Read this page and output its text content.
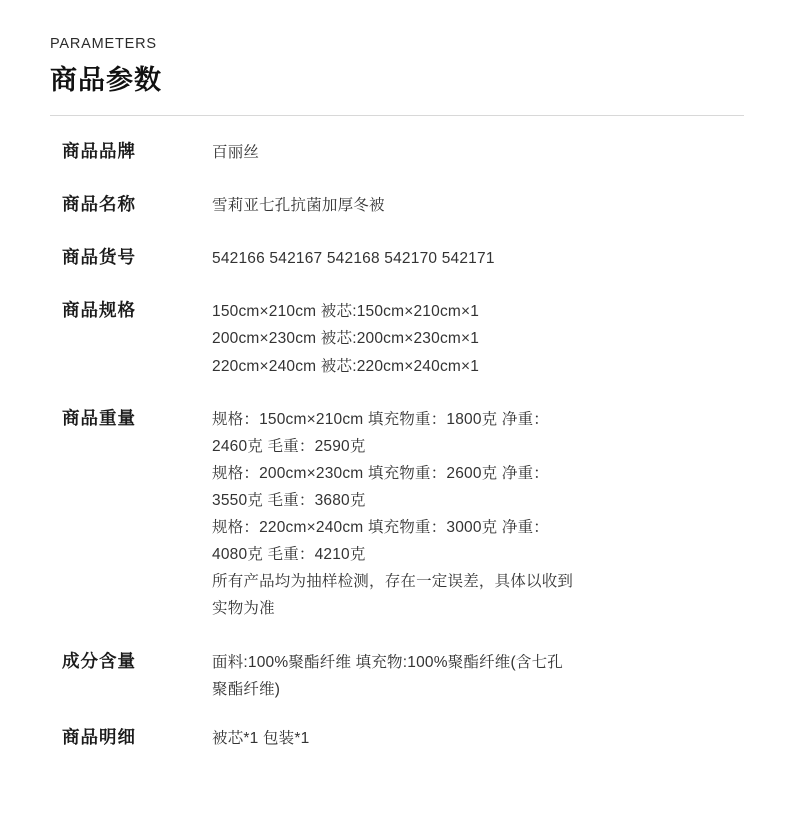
PARAMETERS
商品参数
商品品牌	百丽丝

商品名称	雪莉亚七孔抗菌加厚冬被

商品货号	542166 542167 542168 542170 542171

商品规格	150cm×210cm 被芯:150cm×210cm×1
200cm×230cm 被芯:200cm×230cm×1
220cm×240cm 被芯:220cm×240cm×1

商品重量	规格：150cm×210cm 填充物重：1800克 净重：
2460克 毛重：2590克
规格：200cm×230cm 填充物重：2600克 净重：
3550克 毛重：3680克
规格：220cm×240cm 填充物重：3000克 净重：
4080克 毛重：4210克
所有产品均为抽样检测，存在一定误差，具体以收到
实物为准

成分含量	面料:100%聚酯纤维 填充物:100%聚酯纤维(含七孔
聚酯纤维)

商品明细	被芯*1 包装*1
